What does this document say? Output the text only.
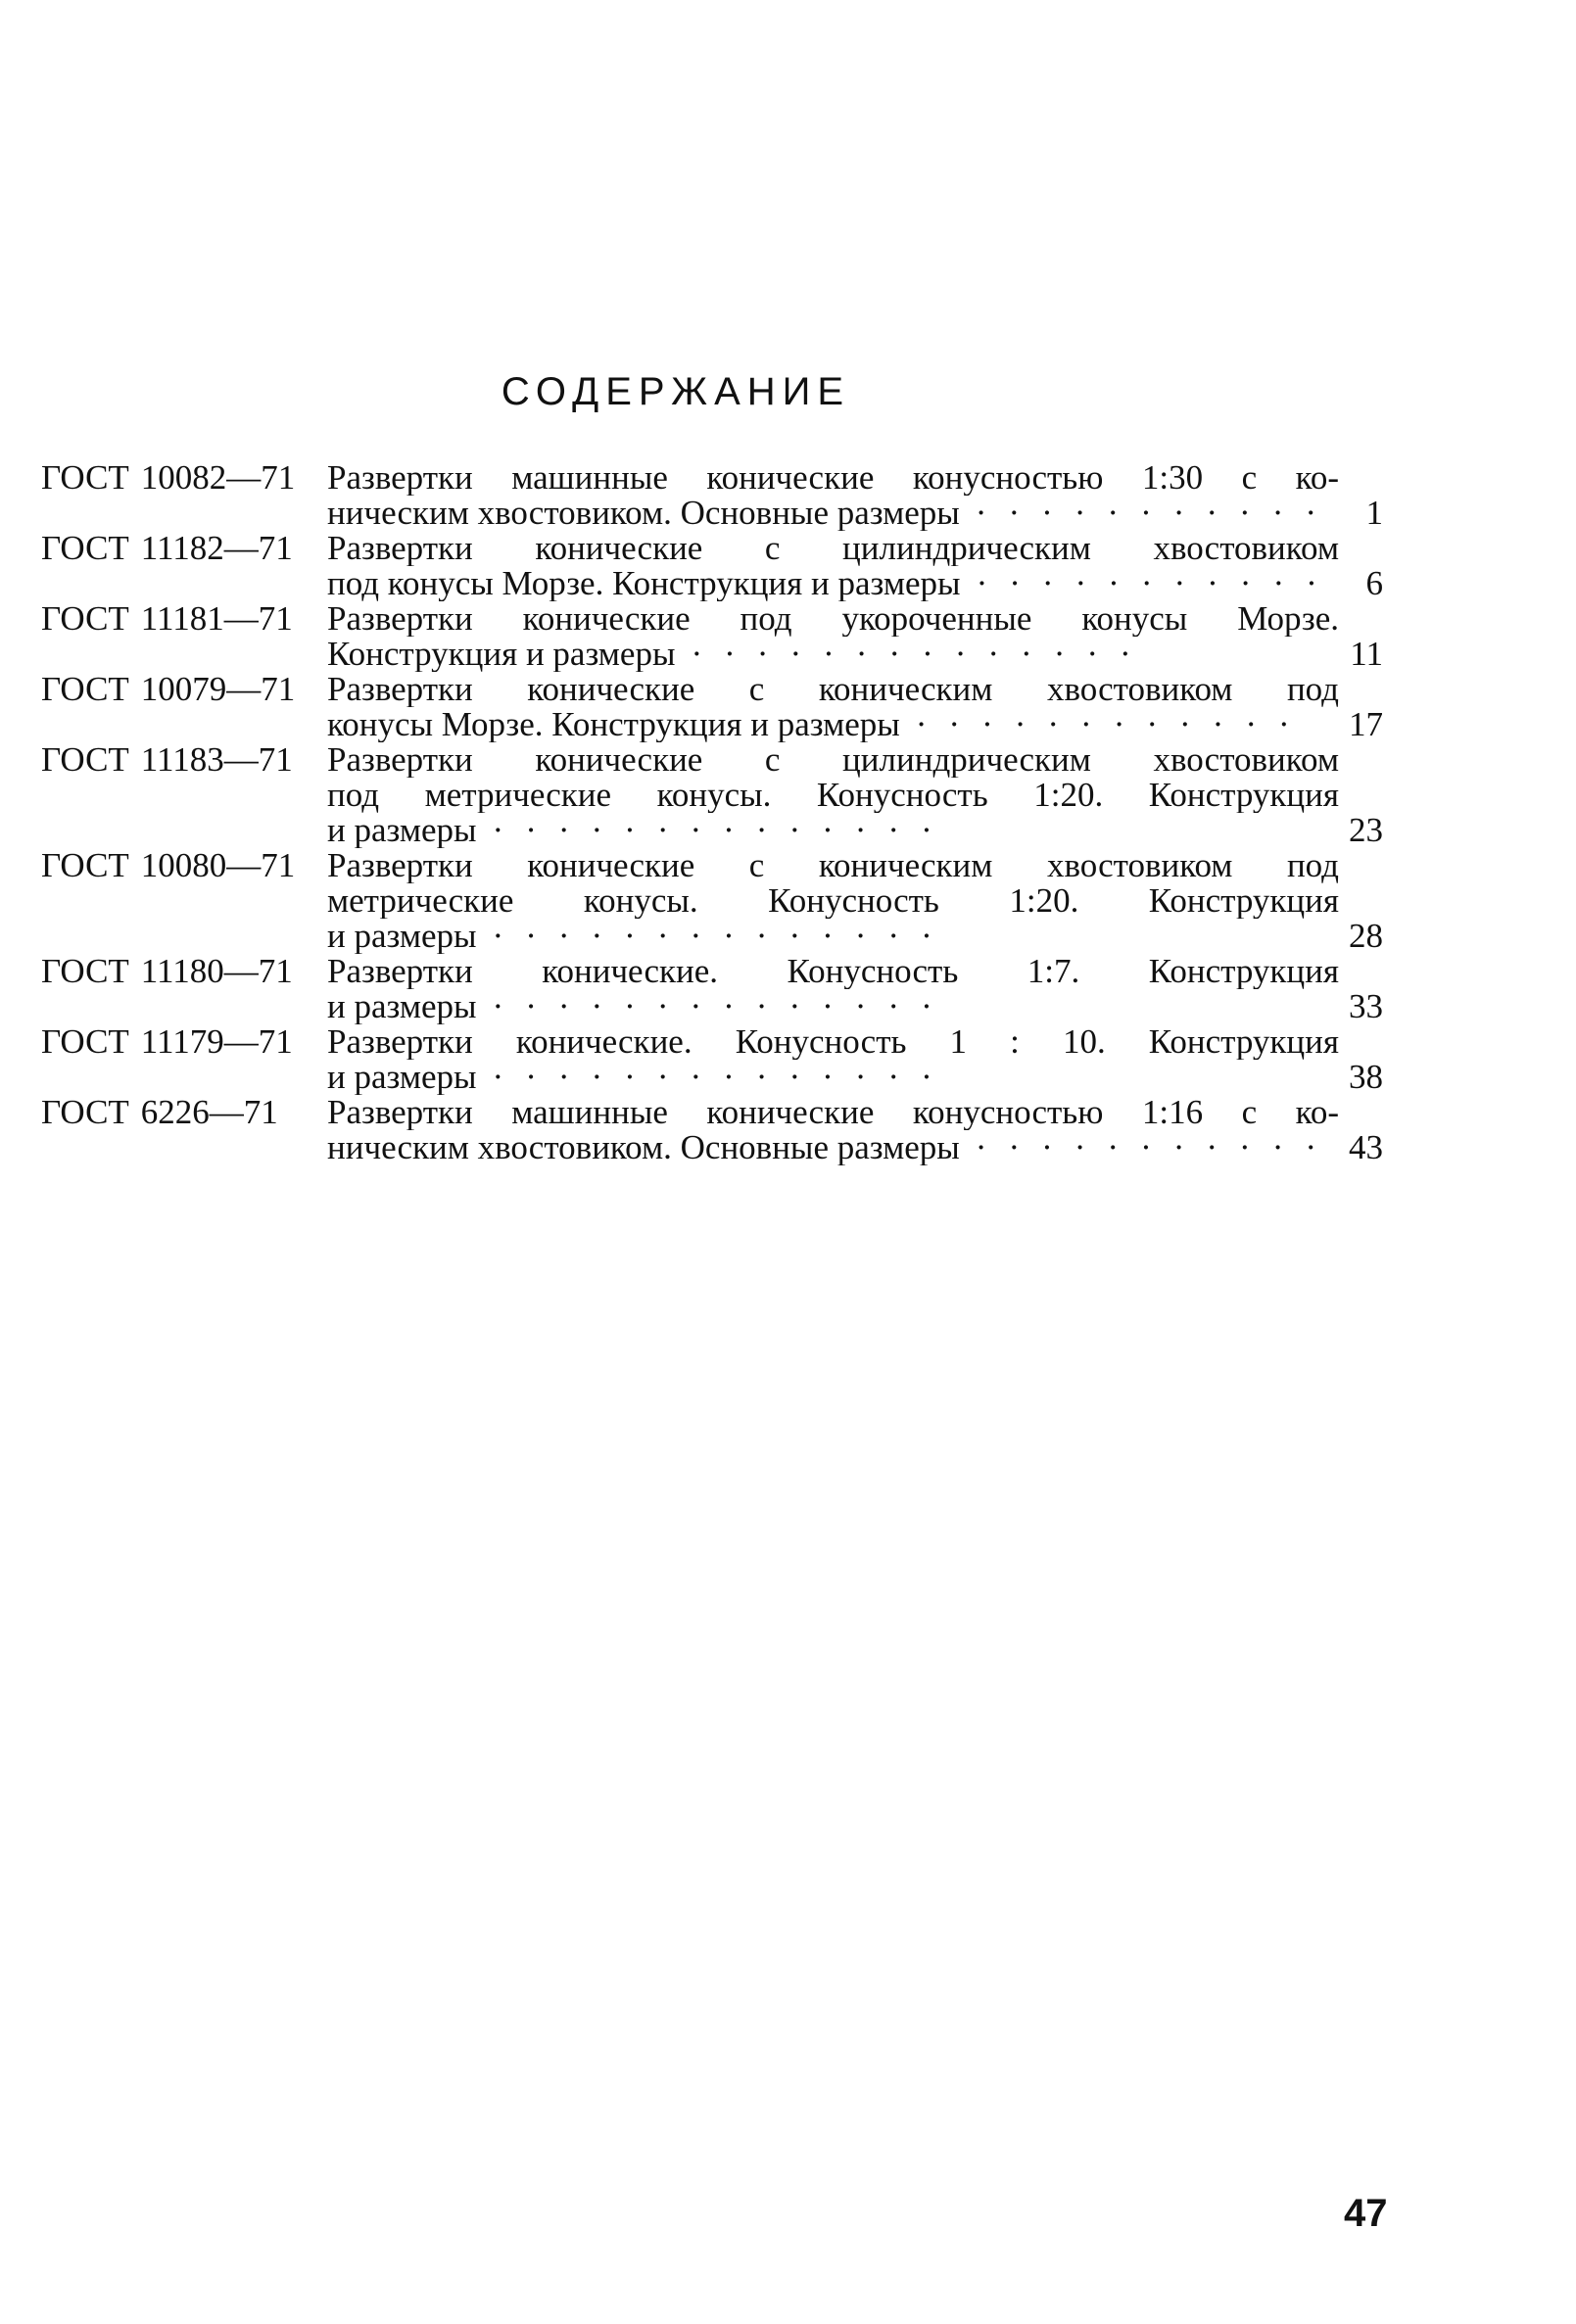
СОДЕРЖАНИЕ
ГОСТ 10082—71 Развертки машинные конические конусностью 1:30 с ко-
ническим хвостовиком. Основные размеры ··········· 1
ГОСТ 11182—71	Развертки конические с цилиндрическим хвостовиком
под конусы Морзе. Конструкция и размеры ··········· 6
ГОСТ 11181—71	Развертки конические под укороченные конусы Морзе.
Конструкция и размеры ··············	11
ГОСТ 10079—71 Развертки конические с коническим хвостовиком под
конусы Морзе. Конструкция и размеры ············	17
ГОСТ 11183—71	Развертки конические с цилиндрическим хвостовиком
под метрические конусы. Конусность 1:20. Конструкция
и размеры ··············	23
ГОСТ 10080—71 Развертки конические с коническим хвостовиком под
метрические конусы. Конусность 1:20. Конструкция
и размеры ··············	28
ГОСТ 11180—71	Развертки конические. Конусность 1:7. Конструкция
и размеры ··············	33
ГОСТ 11179—71	Развертки конические. Конусность 1 : 10. Конструкция
и размеры ··············	38
ГОСТ 6226—71	Развертки машинные конические конусностью 1:16 с ко-
ническим хвостовиком. Основные размеры ··········· 43
47
